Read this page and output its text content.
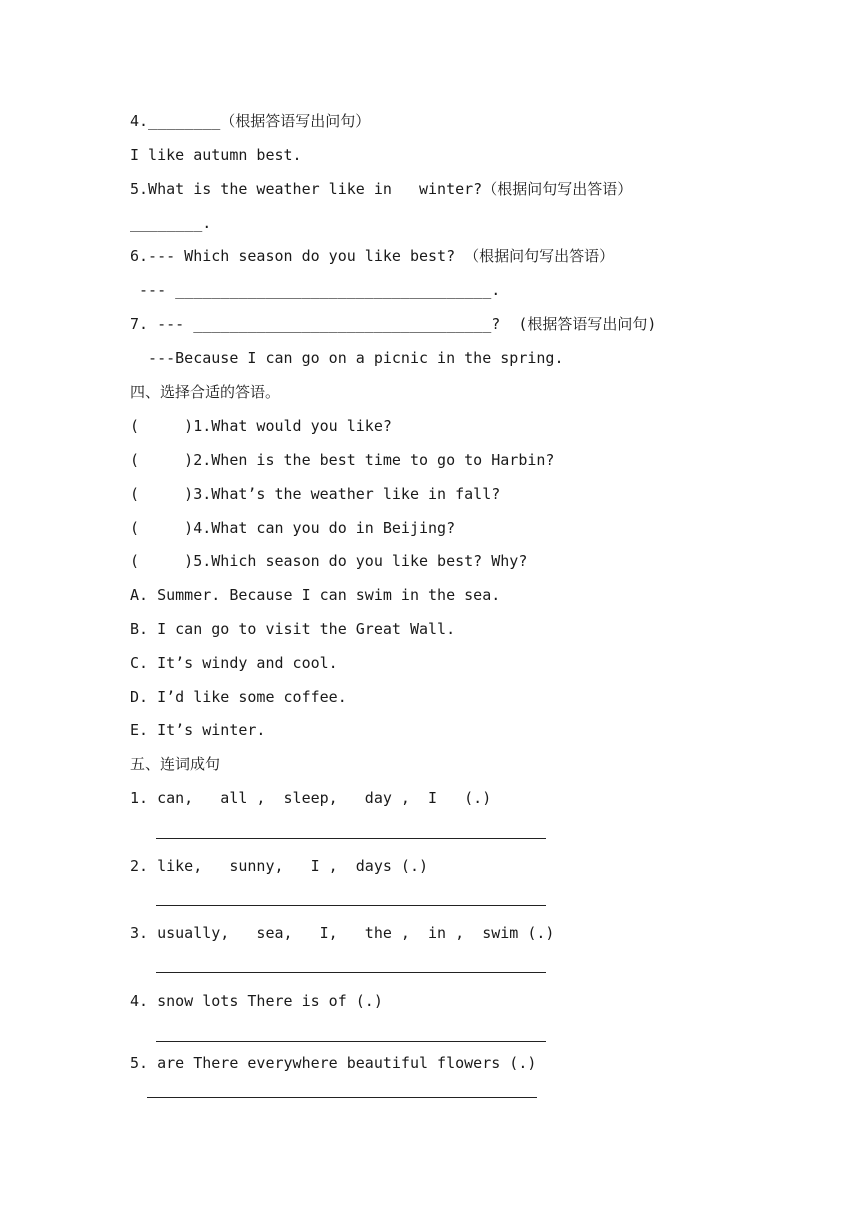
4.________（根据答语写出问句）
I like autumn best.
5.What is the weather like in   winter?（根据问句写出答语）
________.
6.--- Which season do you like best? （根据问句写出答语）
--- ___________________________________.
7. --- _________________________________?  (根据答语写出问句)
---Because I can go on a picnic in the spring.
四、选择合适的答语。
(     )1.What would you like?
(     )2.When is the best time to go to Harbin?
(     )3.What’s the weather like in fall?
(     )4.What can you do in Beijing?
(     )5.Which season do you like best? Why?
A. Summer. Because I can swim in the sea.
B. I can go to visit the Great Wall.
C. It’s windy and cool.
D. I’d like some coffee.
E. It’s winter.
五、连词成句
1. can,   all ,  sleep,   day ,  I   (.)
2. like,   sunny,   I ,  days (.)
3. usually,   sea,   I,   the ,  in ,  swim (.)
4. snow lots There is of (.)
5. are There everywhere beautiful flowers (.)
